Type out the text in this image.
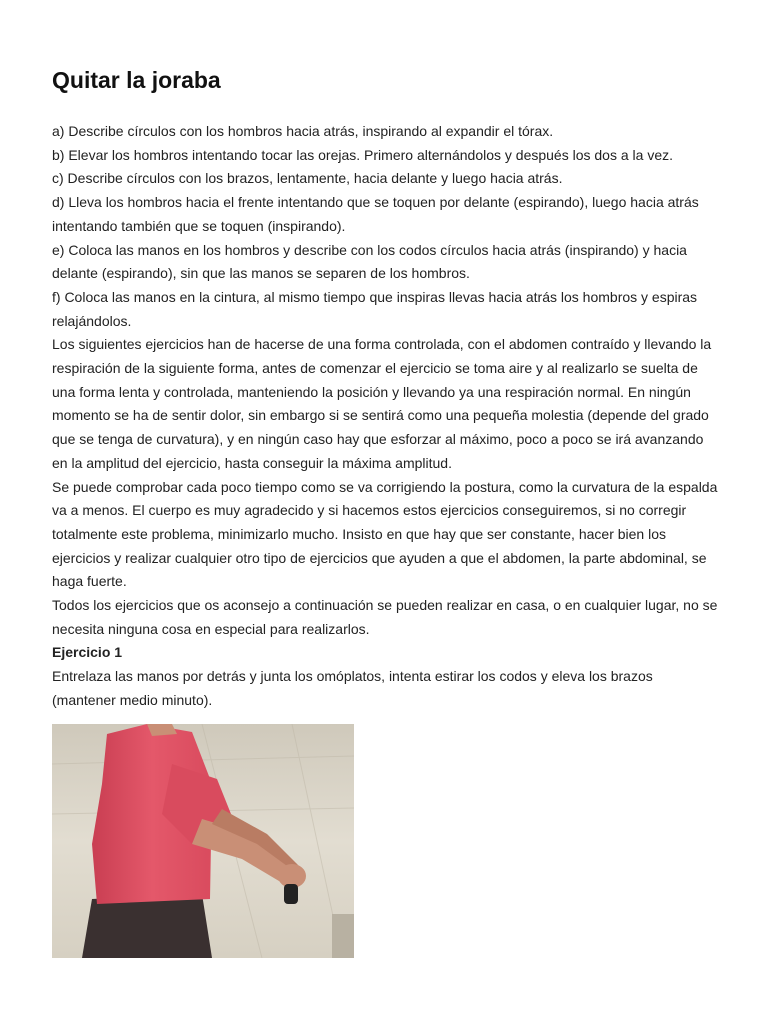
Quitar la joraba

a) Describe círculos con los hombros hacia atrás, inspirando al expandir el tórax.

b) Elevar los hombros intentando tocar las orejas. Primero alternándolos y después los dos a la vez.

c) Describe círculos con los brazos, lentamente, hacia delante y luego hacia atrás.

d) Lleva los hombros hacia el frente intentando que se toquen por delante (espirando), luego hacia atrás intentando también que se toquen (inspirando).

e) Coloca las manos en los hombros y describe con los codos círculos hacia atrás (inspirando) y hacia delante (espirando), sin que las manos se separen de los hombros.

f) Coloca las manos en la cintura, al mismo tiempo que inspiras llevas hacia atrás los hombros y espiras relajándolos.

Los siguientes ejercicios han de hacerse de una forma controlada, con el abdomen contraído y llevando la respiración de la siguiente forma, antes de comenzar el ejercicio se toma aire y al realizarlo se suelta de una forma lenta y controlada, manteniendo la posición y llevando ya una respiración normal. En ningún momento se ha de sentir dolor, sin embargo si se sentirá como una pequeña molestia (depende del grado que se tenga de curvatura), y en ningún caso hay que esforzar al máximo, poco a poco se irá avanzando en la amplitud del ejercicio, hasta conseguir la máxima amplitud.

Se puede comprobar cada poco tiempo como se va corrigiendo la postura, como la curvatura de la espalda va a menos. El cuerpo es muy agradecido y si hacemos estos ejercicios conseguiremos, si no corregir totalmente este problema, minimizarlo mucho. Insisto en que hay que ser constante, hacer bien los ejercicios y realizar cualquier otro tipo de ejercicios que ayuden a que el abdomen, la parte abdominal, se haga fuerte.

Todos los ejercicios que os aconsejo a continuación se pueden realizar en casa, o en cualquier lugar, no se necesita ninguna cosa en especial para realizarlos.

Ejercicio 1

Entrelaza las manos por detrás y junta los omóplatos, intenta estirar los codos y eleva los brazos (mantener medio minuto).
